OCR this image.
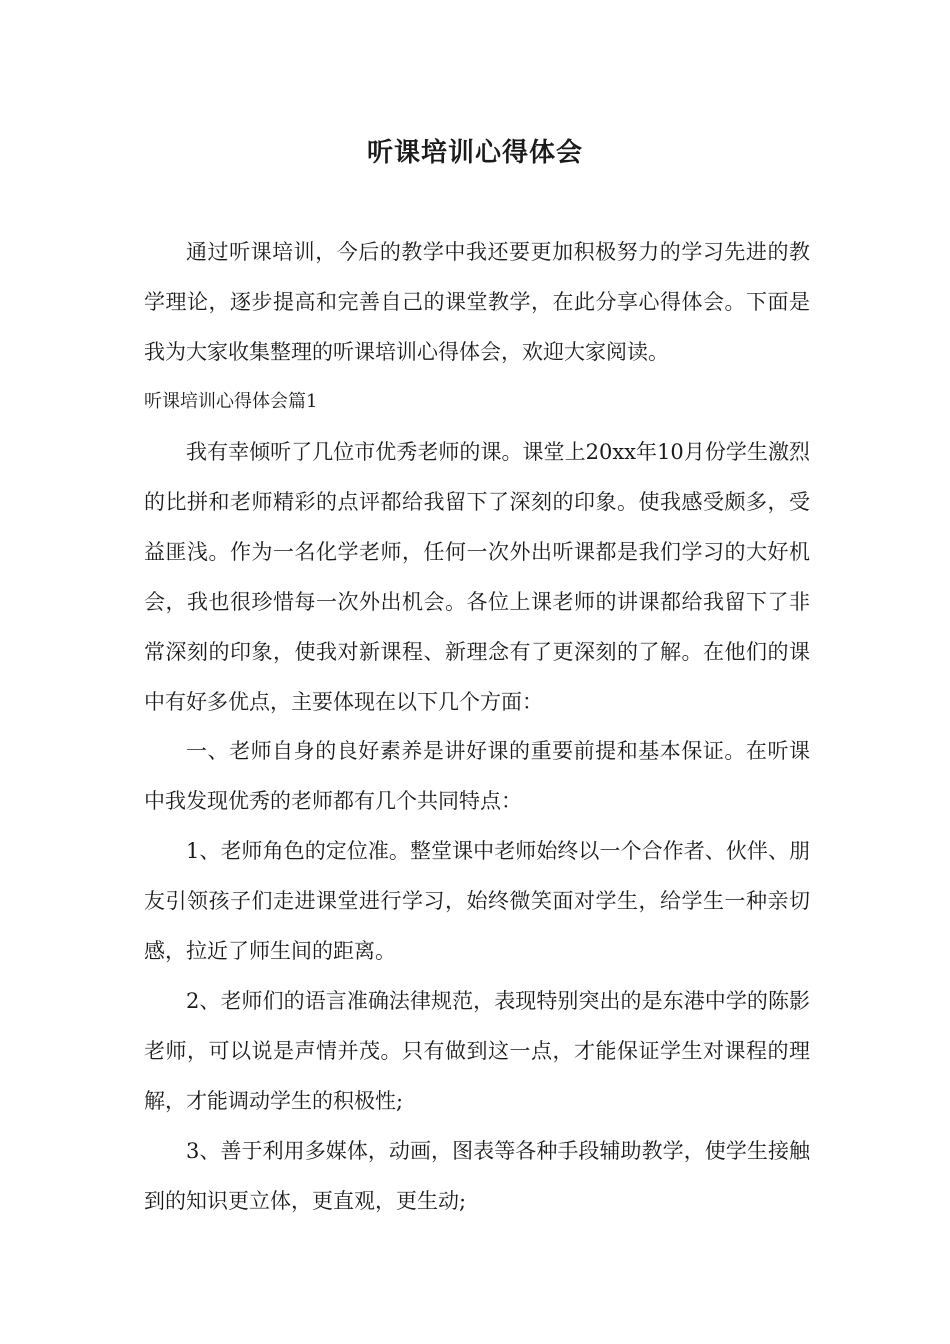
听课培训心得体会

通过听课培训，今后的教学中我还要更加积极努力的学习先进的教学理论，逐步提高和完善自己的课堂教学，在此分享心得体会。下面是我为大家收集整理的听课培训心得体会，欢迎大家阅读。

听课培训心得体会篇1

我有幸倾听了几位市优秀老师的课。课堂上20xx年10月份学生激烈的比拼和老师精彩的点评都给我留下了深刻的印象。使我感受颇多，受益匪浅。作为一名化学老师，任何一次外出听课都是我们学习的大好机会，我也很珍惜每一次外出机会。各位上课老师的讲课都给我留下了非常深刻的印象，使我对新课程、新理念有了更深刻的了解。在他们的课中有好多优点，主要体现在以下几个方面：

一、老师自身的良好素养是讲好课的重要前提和基本保证。在听课中我发现优秀的老师都有几个共同特点：

1、老师角色的定位准。整堂课中老师始终以一个合作者、伙伴、朋友引领孩子们走进课堂进行学习，始终微笑面对学生，给学生一种亲切感，拉近了师生间的距离。

2、老师们的语言准确法律规范，表现特别突出的是东港中学的陈影老师，可以说是声情并茂。只有做到这一点，才能保证学生对课程的理解，才能调动学生的积极性;

3、善于利用多媒体，动画，图表等各种手段辅助教学，使学生接触到的知识更立体，更直观，更生动;
